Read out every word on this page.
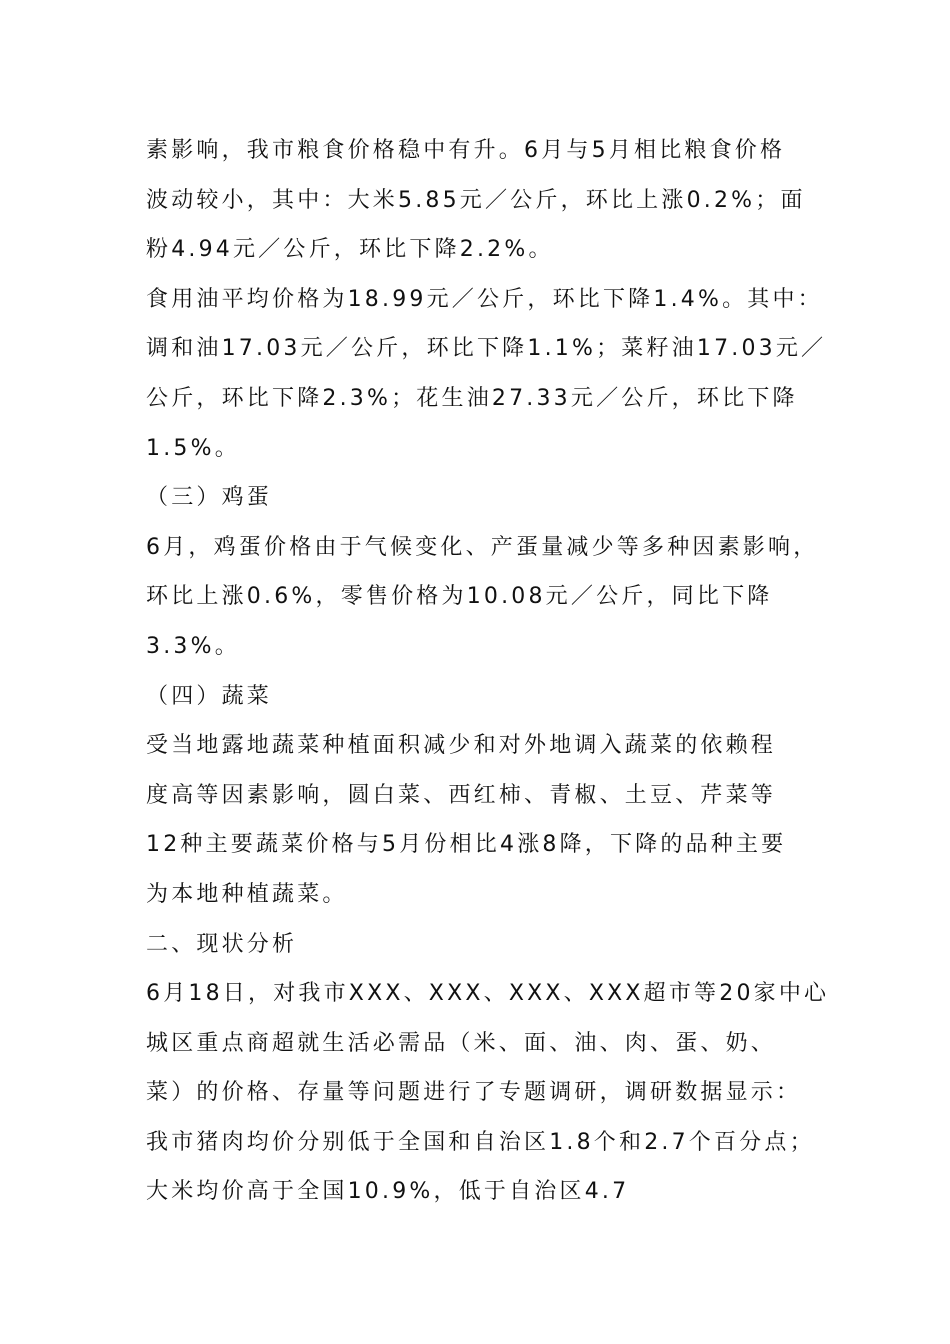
素影响，我市粮食价格稳中有升。6月与5月相比粮食价格
波动较小，其中：大米5.85元／公斤，环比上涨0.2%；面
粉4.94元／公斤，环比下降2.2%。
食用油平均价格为18.99元／公斤，环比下降1.4%。其中：
调和油17.03元／公斤，环比下降1.1%；菜籽油17.03元／
公斤，环比下降2.3%；花生油27.33元／公斤，环比下降
1.5%。
（三）鸡蛋
6月，鸡蛋价格由于气候变化、产蛋量减少等多种因素影响，
环比上涨0.6%，零售价格为10.08元／公斤，同比下降
3.3%。
（四）蔬菜
受当地露地蔬菜种植面积减少和对外地调入蔬菜的依赖程
度高等因素影响，圆白菜、西红柿、青椒、土豆、芹菜等
12种主要蔬菜价格与5月份相比4涨8降，下降的品种主要
为本地种植蔬菜。
二、现状分析
6月18日，对我市XXX、XXX、XXX、XXX超市等20家中心
城区重点商超就生活必需品（米、面、油、肉、蛋、奶、
菜）的价格、存量等问题进行了专题调研，调研数据显示：
我市猪肉均价分别低于全国和自治区1.8个和2.7个百分点；
大米均价高于全国10.9%，低于自治区4.7
